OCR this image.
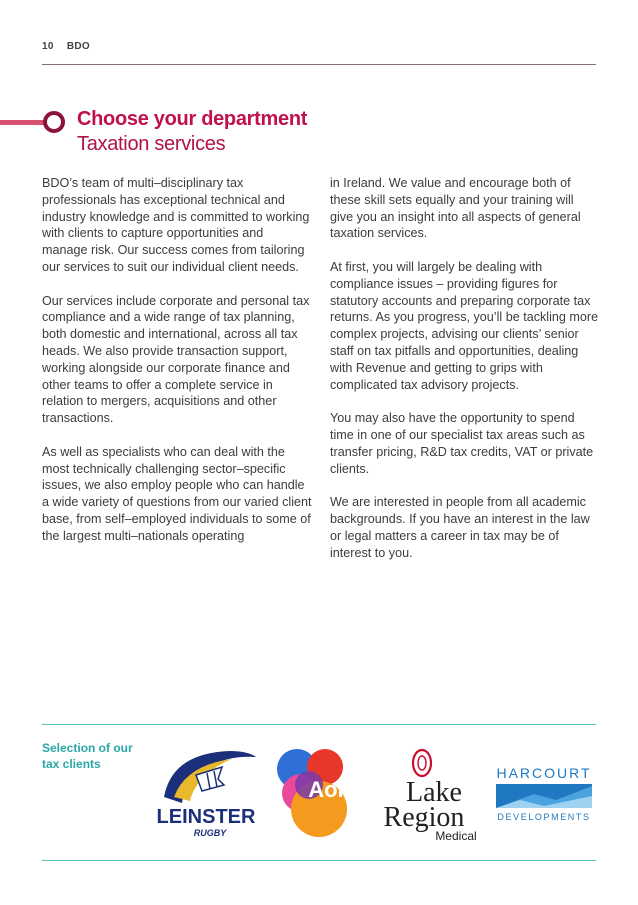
10 BDO
Choose your department
Taxation services

BDO’s team of multi–disciplinary tax professionals has exceptional technical and industry knowledge and is committed to working with clients to capture opportunities and manage risk. Our success comes from tailoring our services to suit our individual client needs.

Our services include corporate and personal tax compliance and a wide range of tax planning, both domestic and international, across all tax heads. We also provide transaction support, working alongside our corporate finance and other teams to offer a complete service in relation to mergers, acquisitions and other transactions.

As well as specialists who can deal with the most technically challenging sector–specific issues, we also employ people who can handle a wide variety of questions from our varied client base, from self–employed individuals to some of the largest multi–nationals operating

in Ireland. We value and encourage both of these skill sets equally and your training will give you an insight into all aspects of general taxation services.

At first, you will largely be dealing with compliance issues – providing figures for statutory accounts and preparing corporate tax returns. As you progress, you’ll be tackling more complex projects, advising our clients’ senior staff on tax pitfalls and opportunities, dealing with Revenue and getting to grips with complicated tax advisory projects.

You may also have the opportunity to spend time in one of our specialist tax areas such as transfer pricing, R&D tax credits, VAT or private clients.

We are interested in people from all academic backgrounds. If you have an interest in the law or legal matters a career in tax may be of interest to you.

Selection of our tax clients
LEINSTER
RUGBY
Aol. Lake
Region
Medical
HARCOURT
DEVELOPMENTS
